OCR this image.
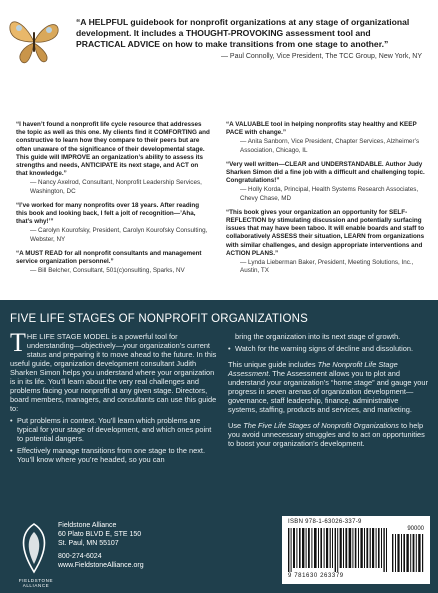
“A HELPFUL guidebook for nonprofit organizations at any stage of organizational development. It includes a THOUGHT-PROVOKING assessment tool and PRACTICAL ADVICE on how to make transitions from one stage to another.”
— Paul Connolly, Vice President, The TCC Group, New York, NY
“I haven’t found a nonprofit life cycle resource that addresses the topic as well as this one. My clients find it COMFORTING and constructive to learn how they compare to their peers but are often unaware of the significance of their developmental stage. This guide will IMPROVE an organization’s ability to assess its strengths and needs, ANTICIPATE its next stage, and ACT on that knowledge.”
— Nancy Axelrod, Consultant, Nonprofit Leadership Services, Washington, DC
“I’ve worked for many nonprofits over 18 years. After reading this book and looking back, I felt a jolt of recognition—’Aha, that’s why!’”
— Carolyn Kourofsky, President, Carolyn Kourofsky Consulting, Webster, NY
“A MUST READ for all nonprofit consultants and management service organization personnel.”
— Bill Belcher, Consultant, 501(c)onsulting, Sparks, NV
“A VALUABLE tool in helping nonprofits stay healthy and KEEP PACE with change.”
— Anita Sanborn, Vice President, Chapter Services, Alzheimer’s Association, Chicago, IL
“Very well written—CLEAR and UNDERSTANDABLE. Author Judy Sharken Simon did a fine job with a difficult and challenging topic. Congratulations!”
— Holly Korda, Principal, Health Systems Research Associates, Chevy Chase, MD
“This book gives your organization an opportunity for SELF-REFLECTION by stimulating discussion and potentially surfacing issues that may have been taboo. It will enable boards and staff to collaboratively ASSESS their situation, LEARN from organizations with similar challenges, and design appropriate interventions and ACTION PLANS.”
— Lynda Lieberman Baker, President, Meeting Solutions, Inc., Austin, TX
FIVE LIFE STAGES OF NONPROFIT ORGANIZATIONS
THE LIFE STAGE MODEL is a powerful tool for understanding—objectively—your organization’s current status and preparing it to move ahead to the future. In this useful guide, organization development consultant Judith Sharken Simon helps you understand where your organization is in its life. You’ll learn about the very real challenges and problems facing your nonprofit at any given stage. Directors, board members, managers, and consultants can use this guide to:
• Put problems in context. You’ll learn which problems are typical for your stage of development, and which ones point to potential dangers.
• Effectively manage transitions from one stage to the next. You’ll know where you’re headed, so you can
bring the organization into its next stage of growth.
• Watch for the warning signs of decline and dissolution.
This unique guide includes The Nonprofit Life Stage Assessment. The Assessment allows you to plot and understand your organization’s “home stage” and gauge your progress in seven arenas of organization development—governance, staff leadership, finance, administrative systems, staffing, products and services, and marketing.
Use The Five Life Stages of Nonprofit Organizations to help you avoid unnecessary struggles and to act on opportunities to boost your organization’s development.
FIELDSTONE ALLIANCE
Fieldstone Alliance
60 Plato BLVD E, STE 150
St. Paul, MN 55107
800-274-6024
www.FieldstoneAlliance.org
ISBN 978-1-63026-337-9
90000
9 781630 263379
